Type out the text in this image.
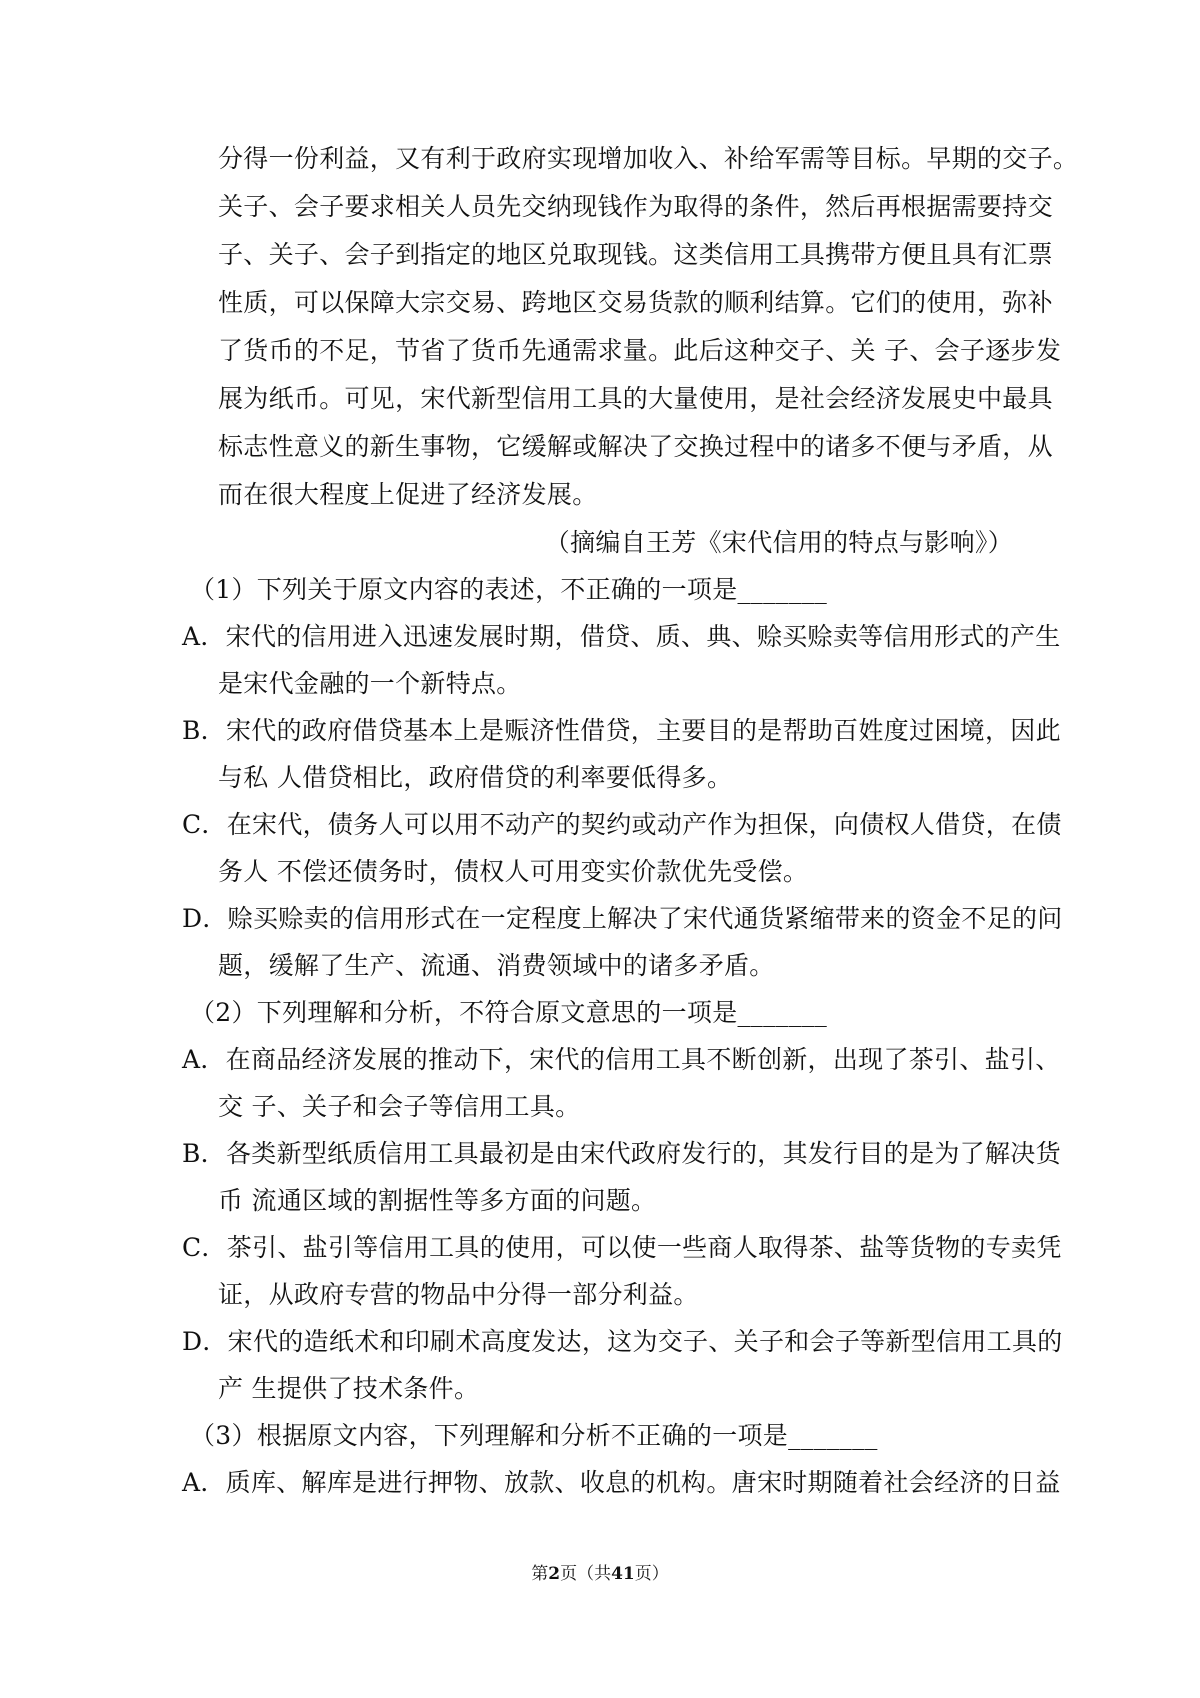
分得一份利益，又有利于政府实现增加收入、补给军需等目标。早期的交子。
关子、会子要求相关人员先交纳现钱作为取得的条件，然后再根据需要持交
子、关子、会子到指定的地区兑取现钱。这类信用工具携带方便且具有汇票
性质，可以保障大宗交易、跨地区交易货款的顺利结算。它们的使用，弥补
了货币的不足，节省了货币先通需求量。此后这种交子、关 子、会子逐步发
展为纸币。可见，宋代新型信用工具的大量使用，是社会经济发展史中最具
标志性意义的新生事物，它缓解或解决了交换过程中的诸多不便与矛盾，从
而在很大程度上促进了经济发展。
（摘编自王芳《宋代信用的特点与影响》）
（1）下列关于原文内容的表述，不正确的一项是_______
A．宋代的信用进入迅速发展时期，借贷、质、典、赊买赊卖等信用形式的产生
是宋代金融的一个新特点。
B．宋代的政府借贷基本上是赈济性借贷，主要目的是帮助百姓度过困境，因此
与私 人借贷相比，政府借贷的利率要低得多。
C．在宋代，债务人可以用不动产的契约或动产作为担保，向债权人借贷，在债
务人 不偿还债务时，债权人可用变实价款优先受偿。
D．赊买赊卖的信用形式在一定程度上解决了宋代通货紧缩带来的资金不足的问
题，缓解了生产、流通、消费领域中的诸多矛盾。
（2）下列理解和分析，不符合原文意思的一项是_______
A．在商品经济发展的推动下，宋代的信用工具不断创新，出现了茶引、盐引、
交 子、关子和会子等信用工具。
B．各类新型纸质信用工具最初是由宋代政府发行的，其发行目的是为了解决货
币 流通区域的割据性等多方面的问题。
C．茶引、盐引等信用工具的使用，可以使一些商人取得茶、盐等货物的专卖凭
证，从政府专营的物品中分得一部分利益。
D．宋代的造纸术和印刷术高度发达，这为交子、关子和会子等新型信用工具的
产 生提供了技术条件。
（3）根据原文内容，下列理解和分析不正确的一项是_______
A．质库、解库是进行押物、放款、收息的机构。唐宋时期随着社会经济的日益
第2页（共41页）
